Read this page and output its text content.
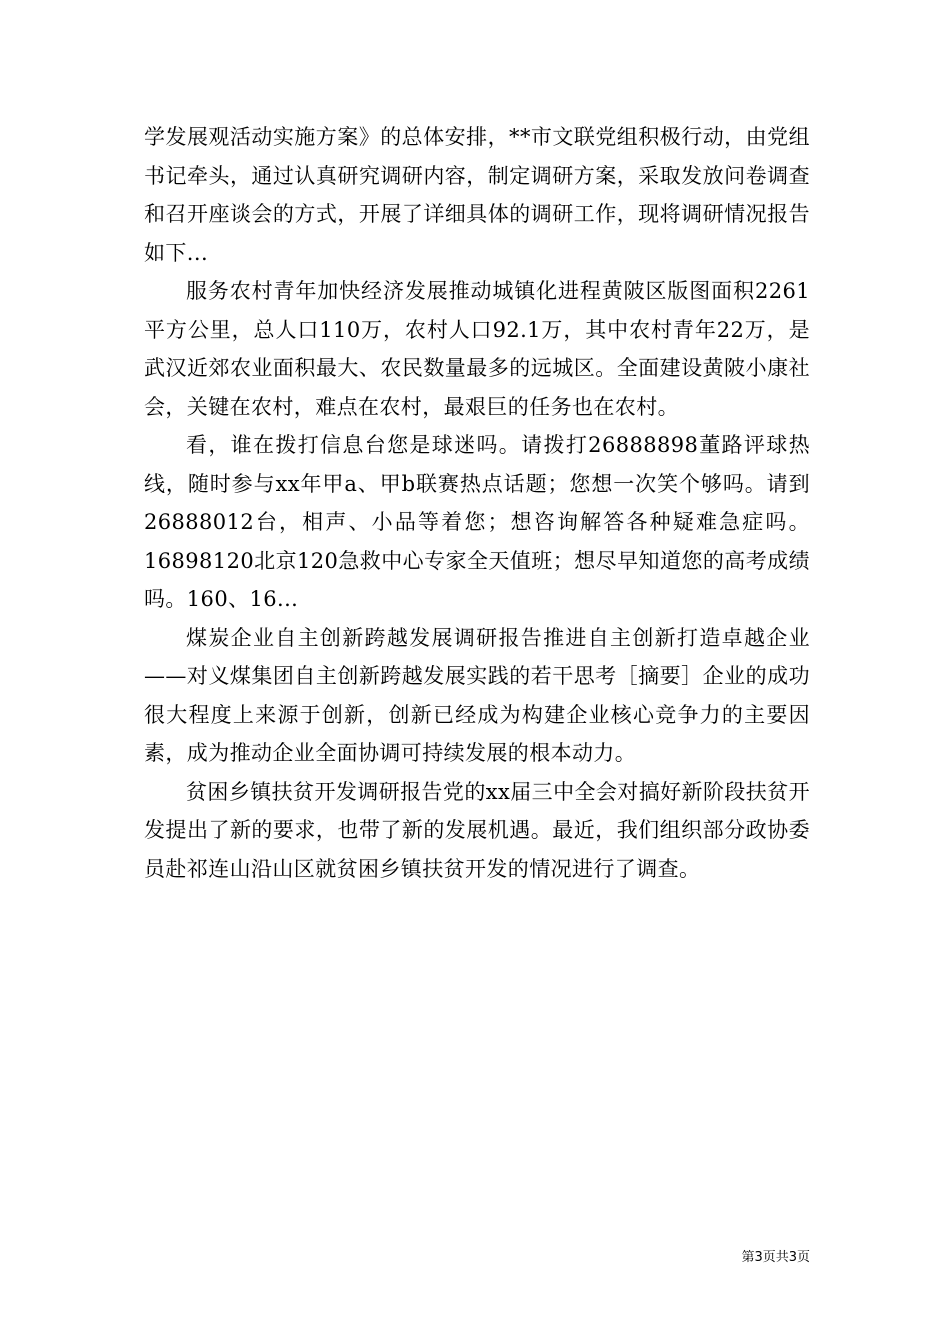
学发展观活动实施方案》的总体安排，**市文联党组积极行动，由党组书记牵头，通过认真研究调研内容，制定调研方案，采取发放问卷调查和召开座谈会的方式，开展了详细具体的调研工作，现将调研情况报告如下...

服务农村青年加快经济发展推动城镇化进程黄陂区版图面积2261平方公里，总人口110万，农村人口92.1万，其中农村青年22万，是武汉近郊农业面积最大、农民数量最多的远城区。全面建设黄陂小康社会，关键在农村，难点在农村，最艰巨的任务也在农村。

看，谁在拨打信息台您是球迷吗。请拨打26888898董路评球热线，随时参与xx年甲a、甲b联赛热点话题；您想一次笑个够吗。请到26888012台，相声、小品等着您；想咨询解答各种疑难急症吗。16898120北京120急救中心专家全天值班；想尽早知道您的高考成绩吗。160、16...

煤炭企业自主创新跨越发展调研报告推进自主创新打造卓越企业——对义煤集团自主创新跨越发展实践的若干思考［摘要］企业的成功很大程度上来源于创新，创新已经成为构建企业核心竞争力的主要因素，成为推动企业全面协调可持续发展的根本动力。

贫困乡镇扶贫开发调研报告党的xx届三中全会对搞好新阶段扶贫开发提出了新的要求，也带了新的发展机遇。最近，我们组织部分政协委员赴祁连山沿山区就贫困乡镇扶贫开发的情况进行了调查。

第3页共3页
